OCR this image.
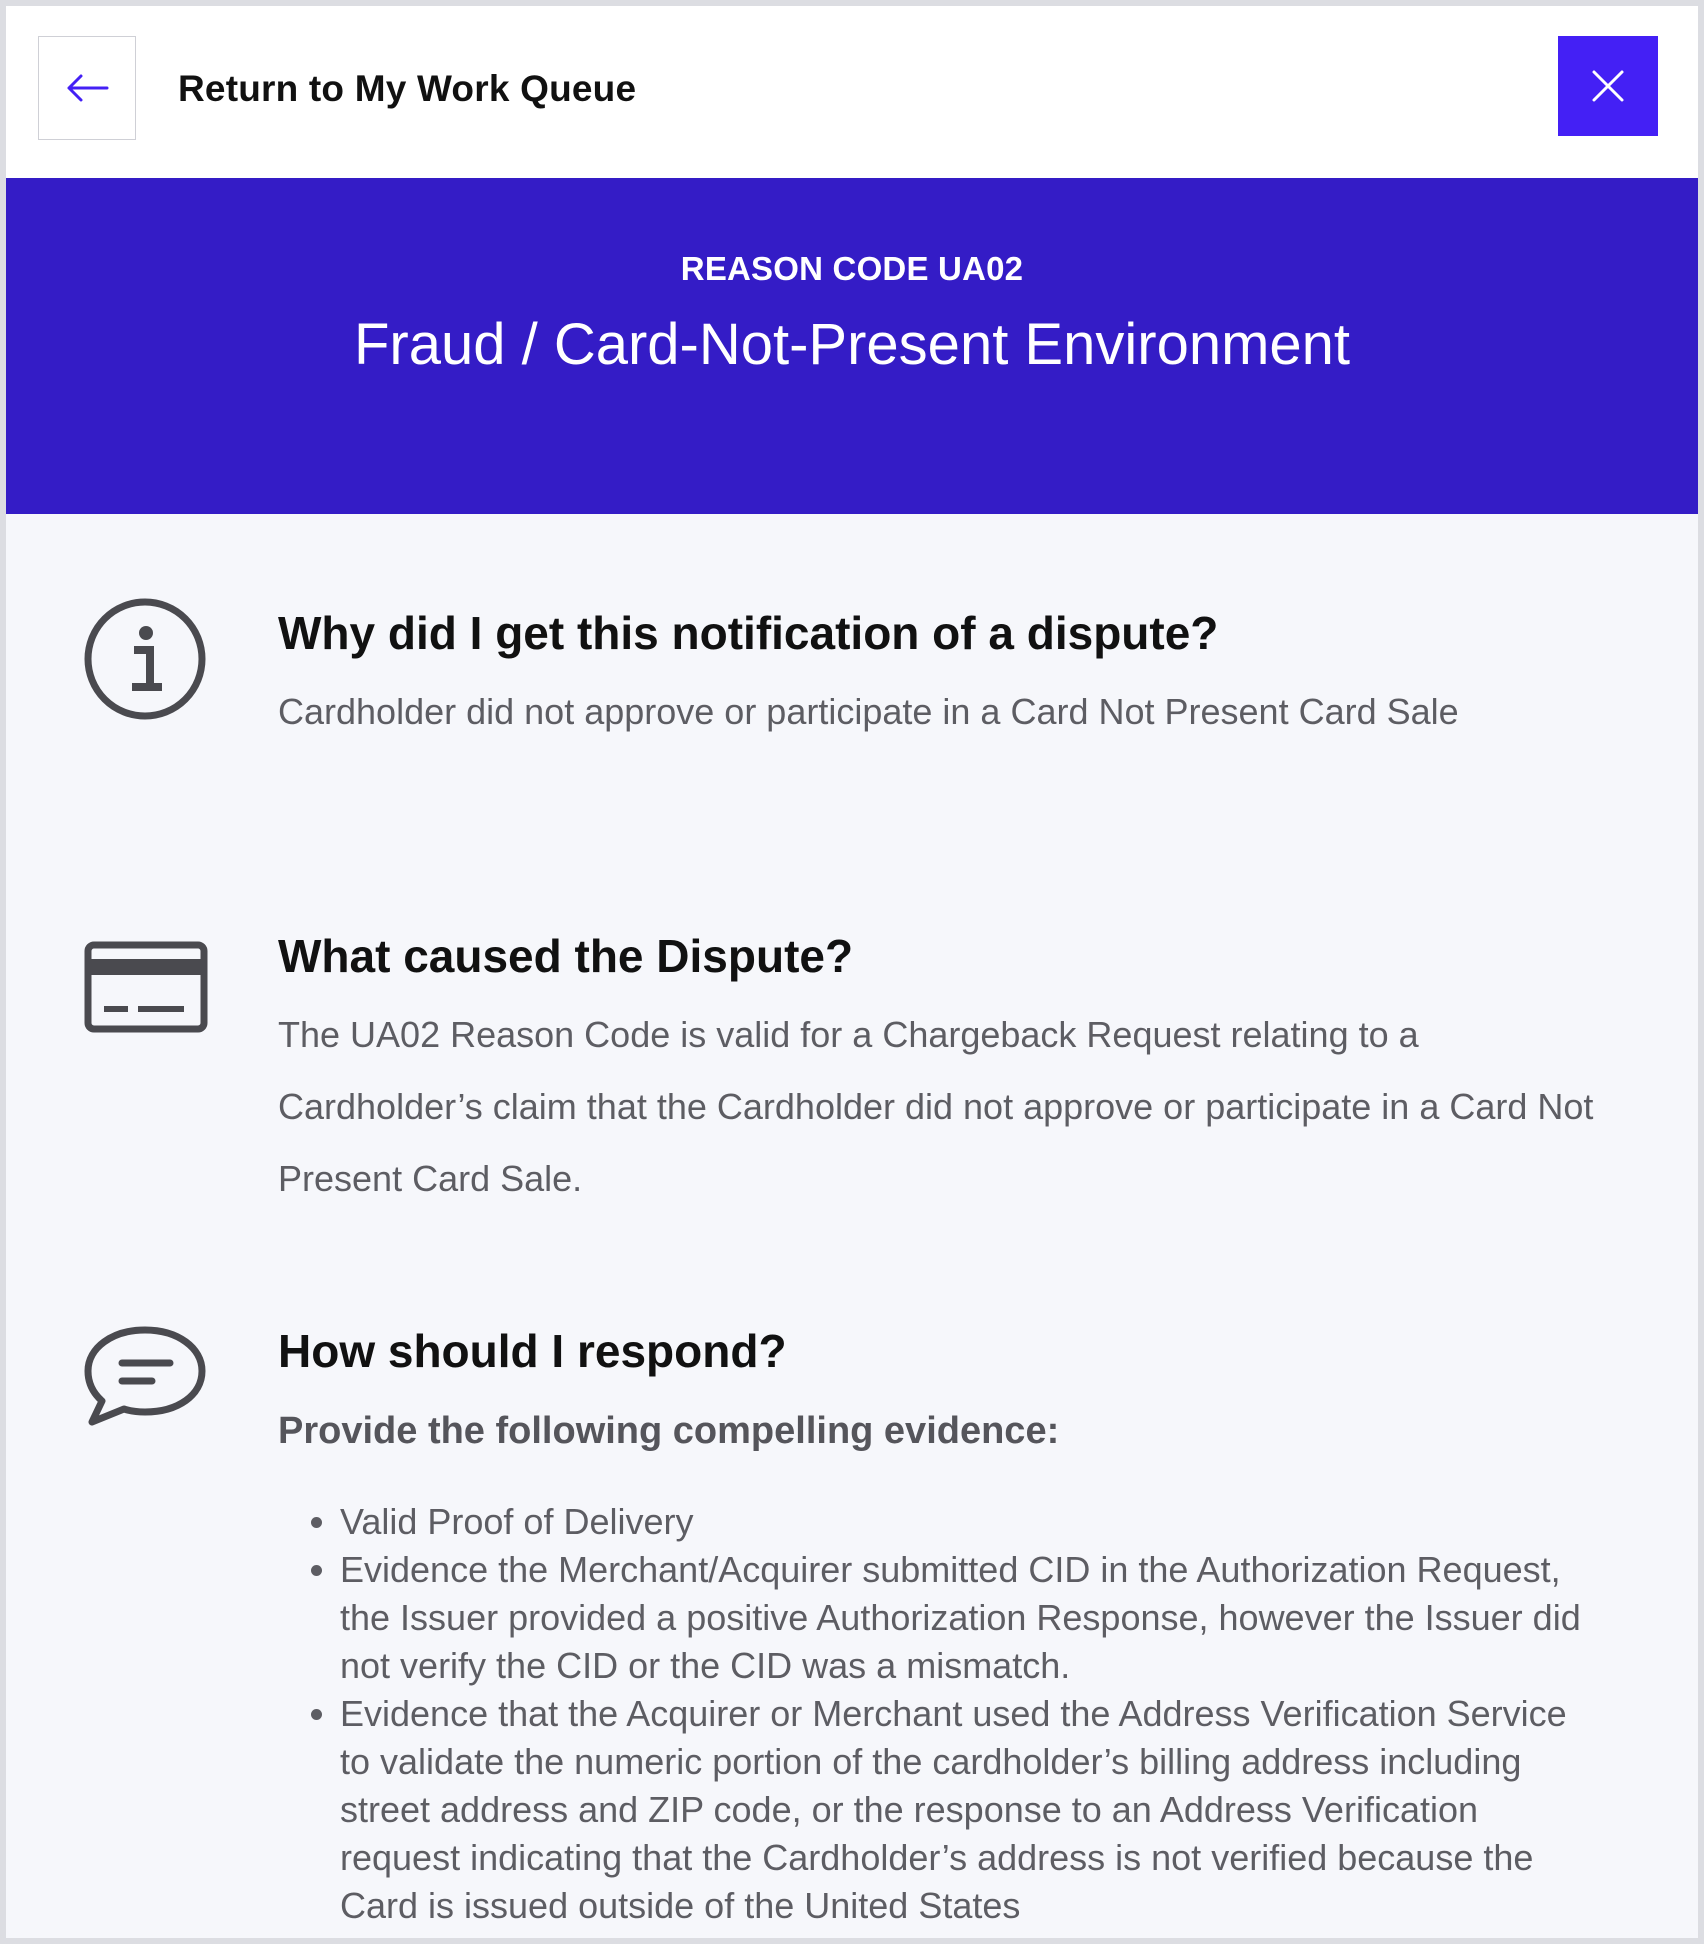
Return to My Work Queue
REASON CODE UA02
Fraud / Card-Not-Present Environment
Why did I get this notification of a dispute?
Cardholder did not approve or participate in a Card Not Present Card Sale
What caused the Dispute?
The UA02 Reason Code is valid for a Chargeback Request relating to a Cardholder’s claim that the Cardholder did not approve or participate in a Card Not Present Card Sale.
How should I respond?
Provide the following compelling evidence:
• Valid Proof of Delivery
• Evidence the Merchant/Acquirer submitted CID in the Authorization Request, the Issuer provided a positive Authorization Response, however the Issuer did not verify the CID or the CID was a mismatch.
• Evidence that the Acquirer or Merchant used the Address Verification Service to validate the numeric portion of the cardholder’s billing address including street address and ZIP code, or the response to an Address Verification request indicating that the Cardholder’s address is not verified because the Card is issued outside of the United States
